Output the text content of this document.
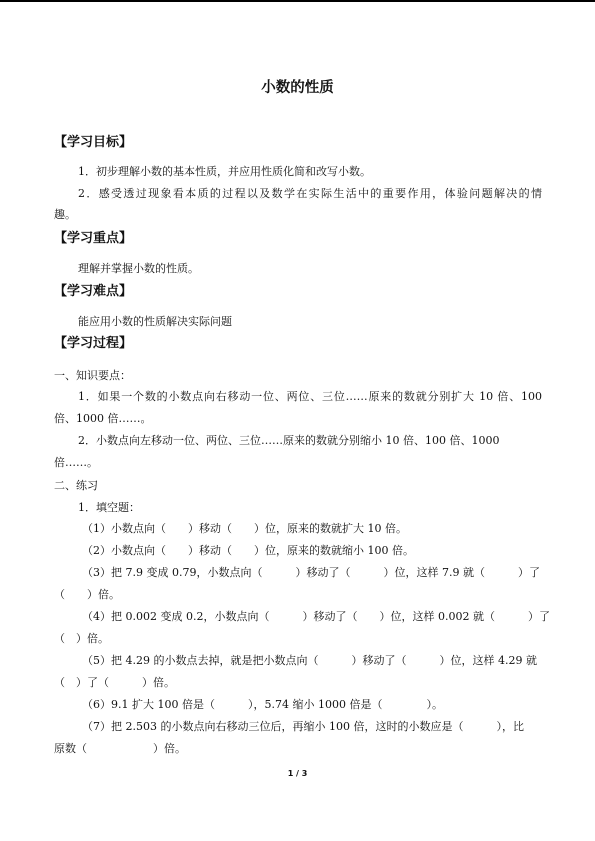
小数的性质
【学习目标】
1．初步理解小数的基本性质，并应用性质化简和改写小数。
2．感受透过现象看本质的过程以及数学在实际生活中的重要作用，体验问题解决的情
趣。
【学习重点】
理解并掌握小数的性质。
【学习难点】
能应用小数的性质解决实际问题
【学习过程】
一、知识要点：
1．如果一个数的小数点向右移动一位、两位、三位……原来的数就分别扩大 10 倍、100
倍、1000 倍……。
2．小数点向左移动一位、两位、三位……原来的数就分别缩小 10 倍、100 倍、1000
倍……。
二、练习
1．填空题：
（1）小数点向（　　）移动（　　）位，原来的数就扩大 10 倍。
（2）小数点向（　　）移动（　　）位，原来的数就缩小 100 倍。
（3）把 7.9 变成 0.79，小数点向（　　　）移动了（　　　）位，这样 7.9 就（　　　）了
（　　）倍。
（4）把 0.002 变成 0.2，小数点向（　　　）移动了（　　）位，这样 0.002 就（　　　）了
（　）倍。
（5）把 4.29 的小数点去掉，就是把小数点向（　　　）移动了（　　　）位，这样 4.29 就
（　）了（　　　）倍。
（6）9.1 扩大 100 倍是（　　　），5.74 缩小 1000 倍是（　　　　）。
（7）把 2.503 的小数点向右移动三位后，再缩小 100 倍，这时的小数应是（　　　），比
原数（　　　　　　）倍。
1 / 3
